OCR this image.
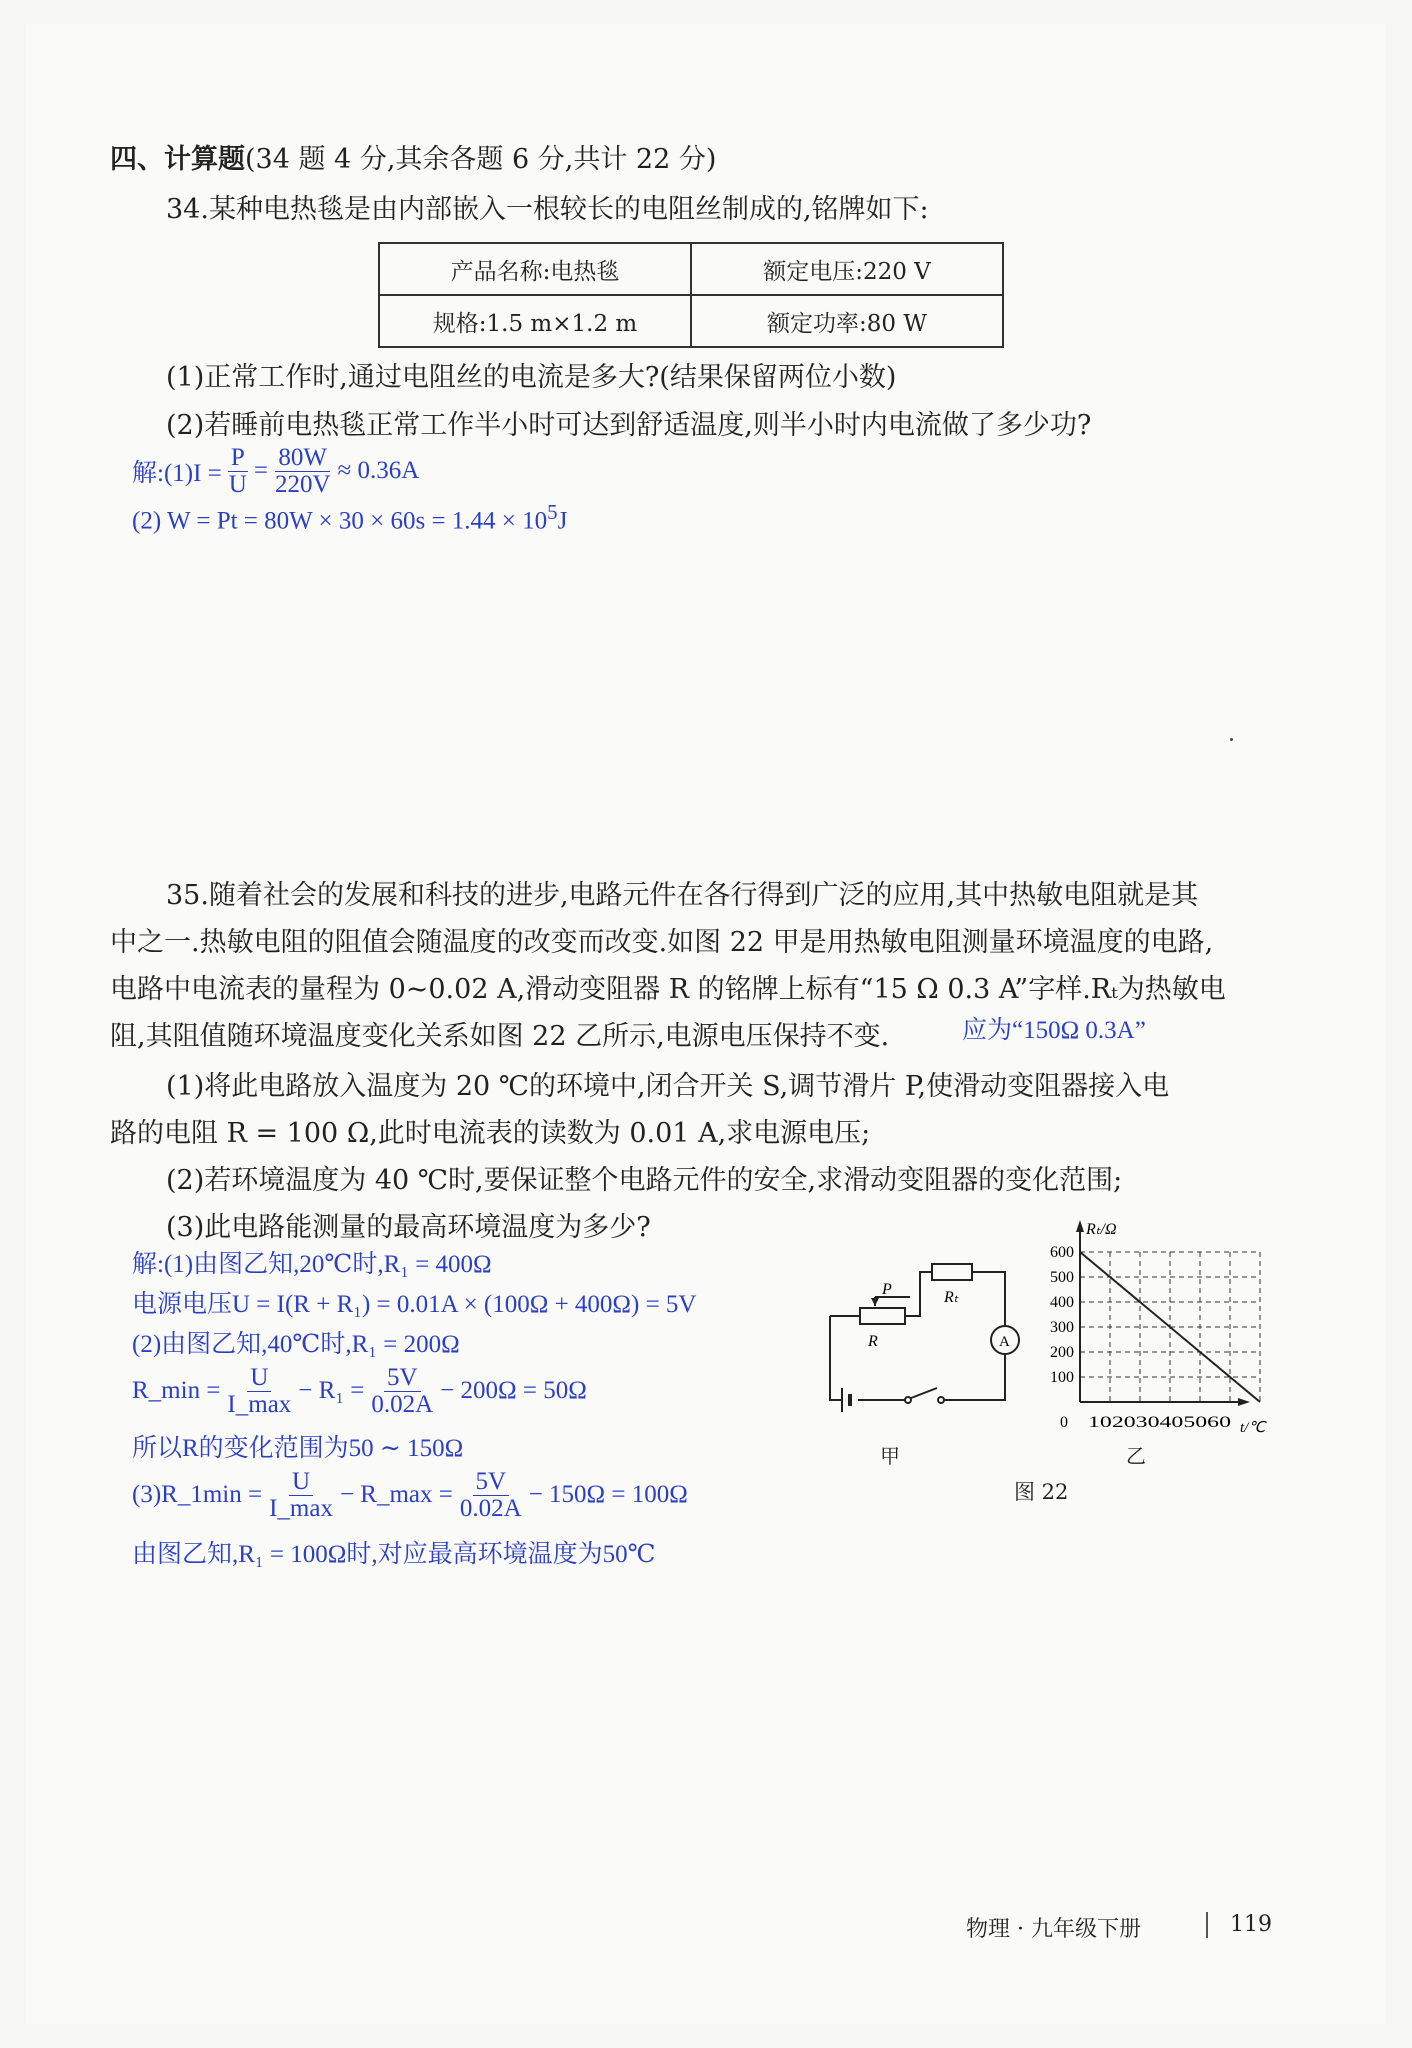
四、计算题(34 题 4 分,其余各题 6 分,共计 22 分)
34.某种电热毯是由内部嵌入一根较长的电阻丝制成的,铭牌如下:
产品名称:电热毯	额定电压:220 V
规格:1.5 m×1.2 m	额定功率:80 W
(1)正常工作时,通过电阻丝的电流是多大?(结果保留两位小数)
(2)若睡前电热毯正常工作半小时可达到舒适温度,则半小时内电流做了多少功?
解:(1)I = $\frac{P}{U} = \frac{80W}{220V} \approx 0.36A$
(2) $W = Pt = 80W \times 30 \times 60s = 1.44 \times 10^5J$
35.随着社会的发展和科技的进步,电路元件在各行得到广泛的应用,其中热敏电阻就是其
中之一.热敏电阻的阻值会随温度的改变而改变.如图 22 甲是用热敏电阻测量环境温度的电路,
电路中电流表的量程为 0~0.02 A,滑动变阻器 R 的铭牌上标有“15 Ω 0.3 A”字样.Rₜ为热敏电
阻,其阻值随环境温度变化关系如图 22 乙所示,电源电压保持不变.	应为“150Ω 0.3A”
(1)将此电路放入温度为 20 ℃的环境中,闭合开关 S,调节滑片 P,使滑动变阻器接入电
路的电阻 R = 100 Ω,此时电流表的读数为 0.01 A,求电源电压;
(2)若环境温度为 40 ℃时,要保证整个电路元件的安全,求滑动变阻器的变化范围;
(3)此电路能测量的最高环境温度为多少?
解:(1)由图乙知,20℃时,R₁ = 400Ω
电源电压U = I(R + R₁) = 0.01A × (100Ω + 400Ω) = 5V
(2)由图乙知,40℃时,R₁ = 200Ω
R_min = $\frac{U}{I\_\max} - R_1 = \frac{5V}{0.02A} - 200\Omega = 50\Omega$
所以R的变化范围为50 ∼ 150Ω
(3)R_1min = $\frac{U}{I\_\max}$ − R_max = $\frac{5V}{0.02A} - 150\Omega = 100\Omega$
由图乙知,R₁ = 100Ω时,对应最高环境温度为50℃
P	Rₜ
R	A
甲
Rₜ/Ω
t/℃
0 102030405060
100
200
300
400
500
600
乙
图 22
物理 · 九年级下册	119
